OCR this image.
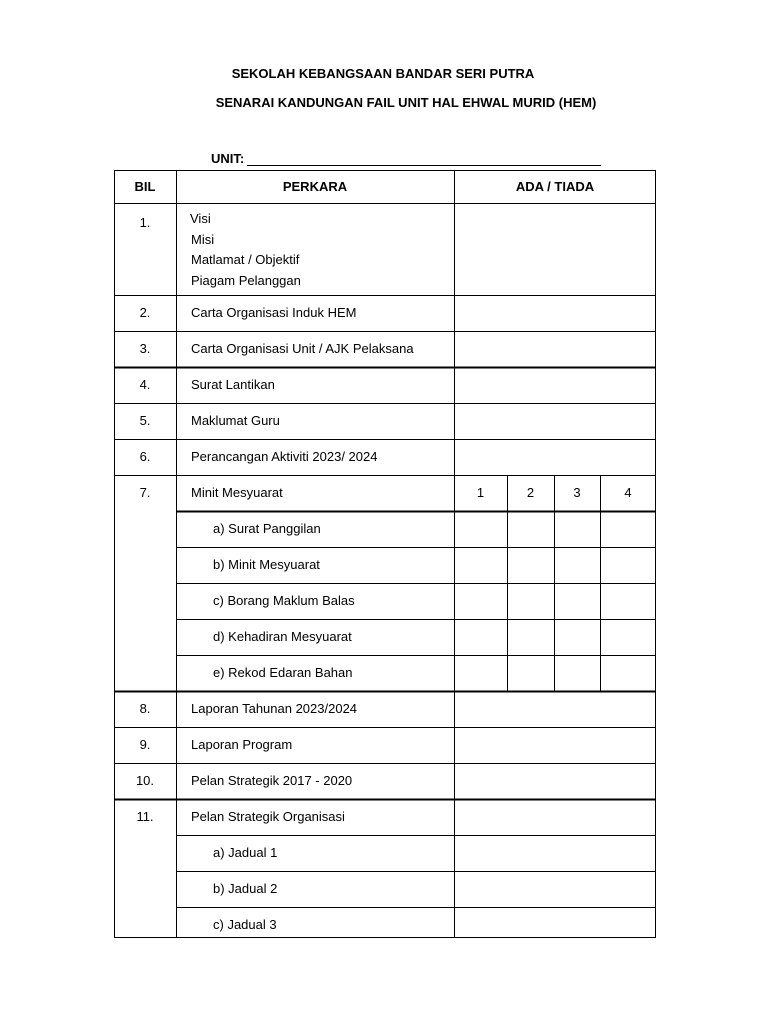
SEKOLAH KEBANGSAAN BANDAR SERI PUTRA
SENARAI KANDUNGAN FAIL UNIT HAL EHWAL MURID (HEM)
UNIT:
BIL	PERKARA	ADA / TIADA
1.	Visi
Misi
Matlamat / Objektif
Piagam Pelanggan
2.	Carta Organisasi Induk HEM
3.	Carta Organisasi Unit / AJK Pelaksana
4.	Surat Lantikan
5.	Maklumat Guru
6.	Perancangan Aktiviti 2023/ 2024
7.	Minit Mesyuarat	1	2	3	4
a) Surat Panggilan
b) Minit Mesyuarat
c) Borang Maklum Balas
d) Kehadiran Mesyuarat
e) Rekod Edaran Bahan
8.	Laporan Tahunan 2023/2024
9.	Laporan Program
10.	Pelan Strategik 2017 - 2020
11.	Pelan Strategik Organisasi
a) Jadual 1
b) Jadual 2
c) Jadual 3
